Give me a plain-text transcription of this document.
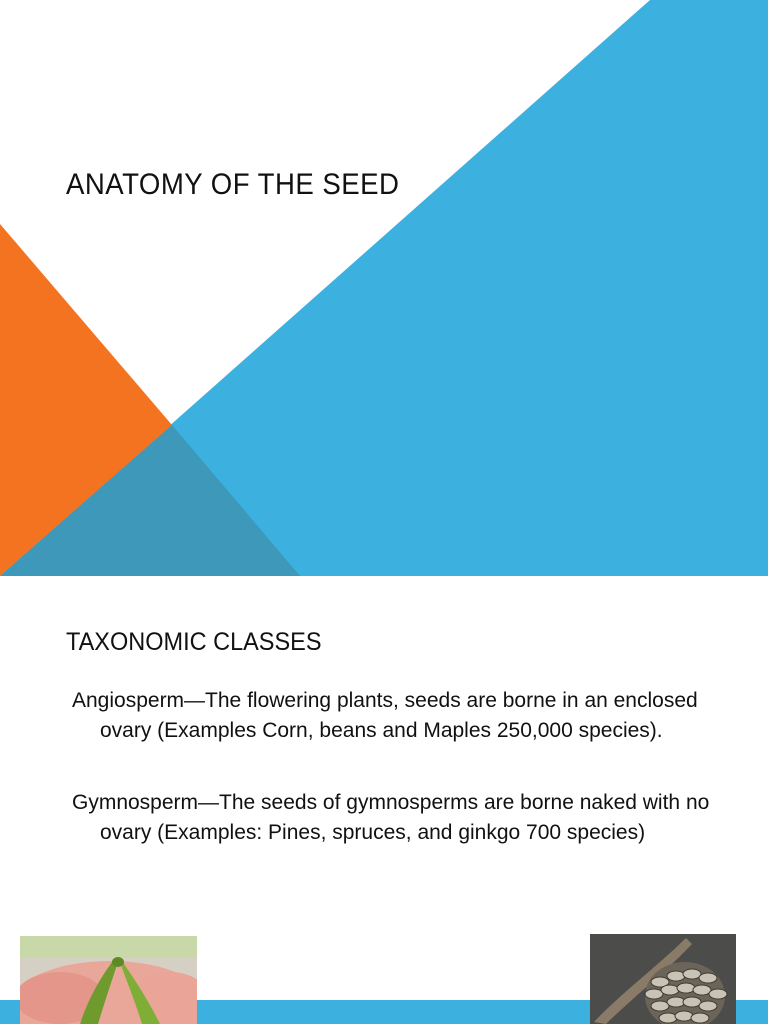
ANATOMY OF THE SEED
TAXONOMIC CLASSES

Angiosperm—The flowering plants, seeds are borne in an enclosed ovary (Examples Corn, beans and Maples 250,000 species).

Gymnosperm—The seeds of gymnosperms are borne naked with no ovary (Examples: Pines, spruces, and ginkgo 700 species)
